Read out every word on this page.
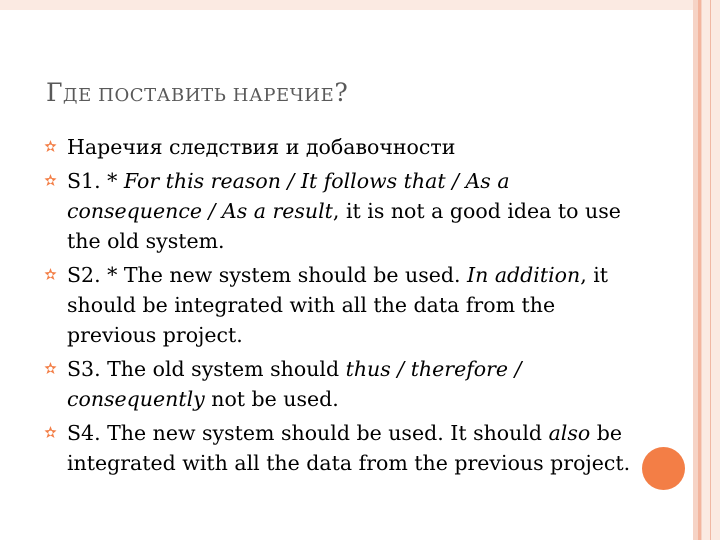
ГДЕ ПОСТАВИТЬ НАРЕЧИЕ?
Наречия следствия и добавочности
S1. * For this reason / It follows that / As a consequence / As a result, it is not a good idea to use the old system.
S2. * The new system should be used. In addition, it should be integrated with all the data from the previous project.
S3. The old system should thus / therefore / consequently not be used.
S4. The new system should be used. It should also be integrated with all the data from the previous project.
